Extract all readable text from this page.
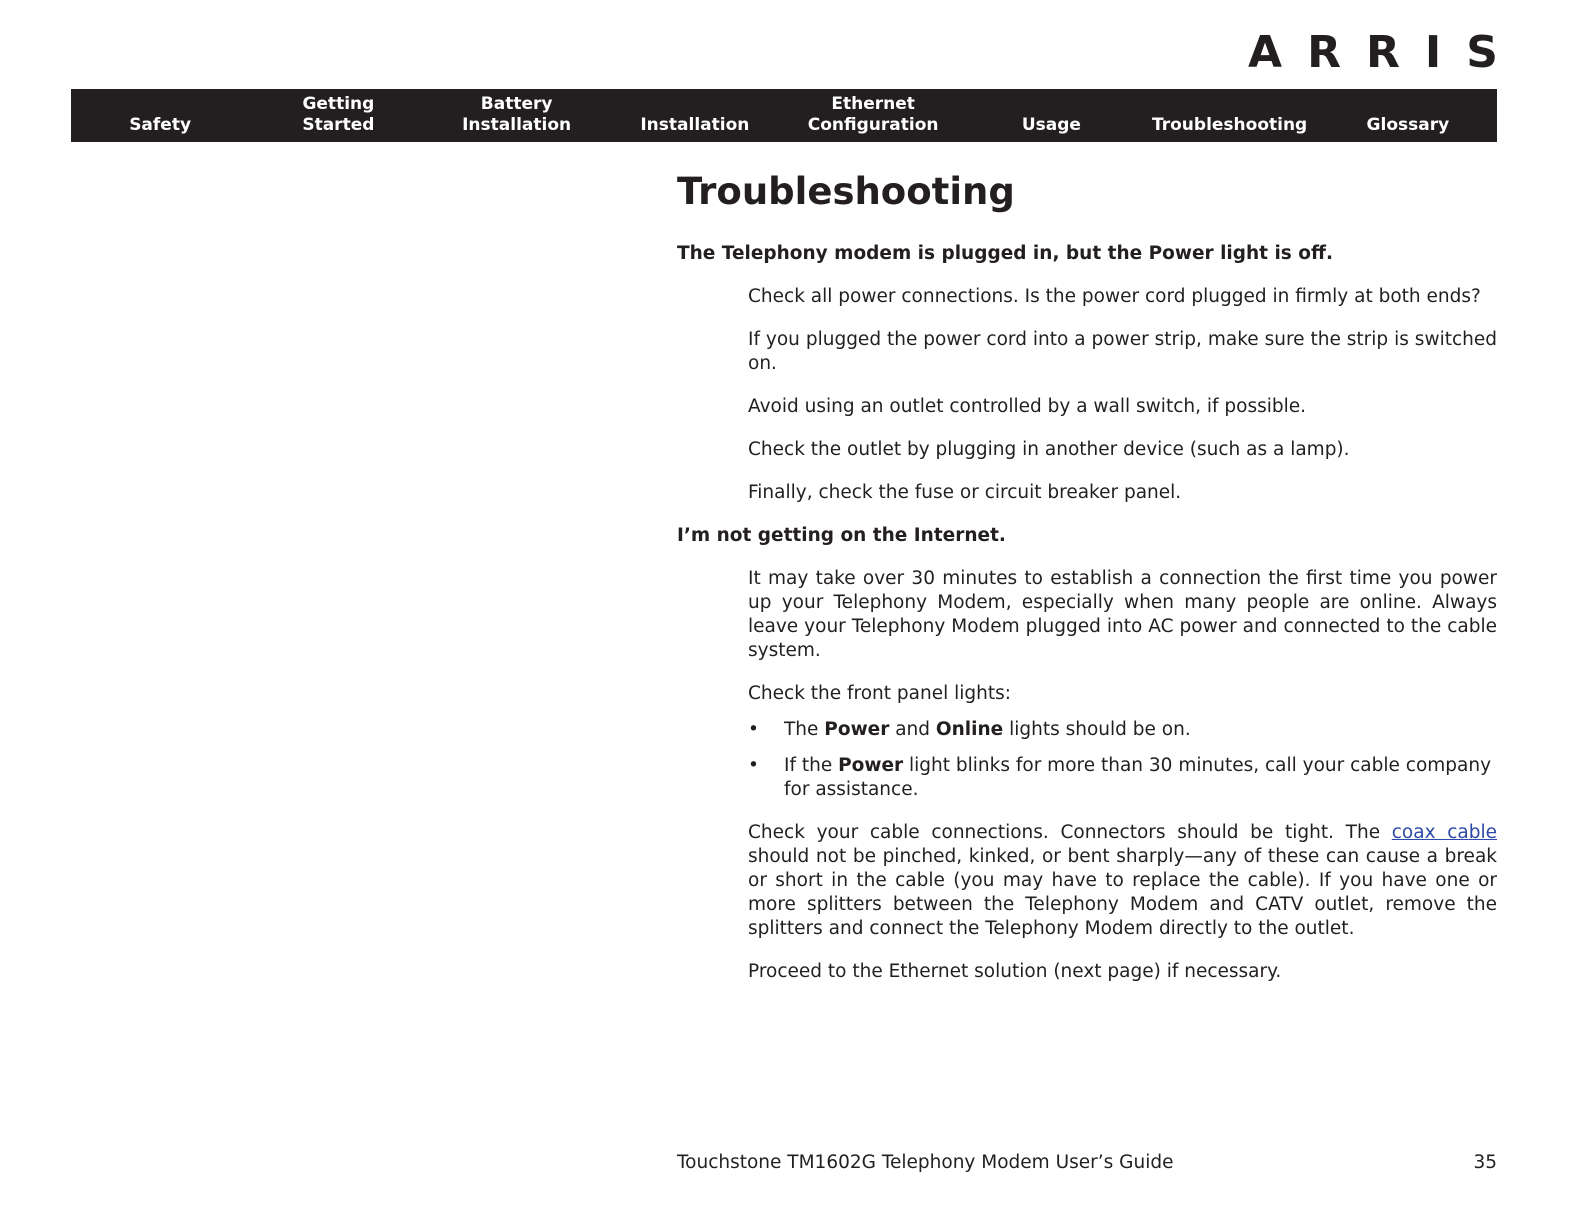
ARRIS
Safety
Getting
Started
Battery
Installation	Installation
Ethernet
Configuration	Usage	Troubleshooting	Glossary
Troubleshooting
The Telephony modem is plugged in, but the Power light is off.

Check all power connections. Is the power cord plugged in firmly at both ends?

If you plugged the power cord into a power strip, make sure the strip is switched on.

Avoid using an outlet controlled by a wall switch, if possible.

Check the outlet by plugging in another device (such as a lamp).

Finally, check the fuse or circuit breaker panel.

I’m not getting on the Internet.

It may take over 30 minutes to establish a connection the first time you power up your Telephony Modem, especially when many people are online. Always leave your Telephony Modem plugged into AC power and connected to the cable system.

Check the front panel lights:

• The Power and Online lights should be on.
• If the Power light blinks for more than 30 minutes, call your cable company for assistance.

Check your cable connections. Connectors should be tight. The coax cable should not be pinched, kinked, or bent sharply—any of these can cause a break or short in the cable (you may have to replace the cable). If you have one or more splitters between the Telephony Modem and CATV outlet, remove the splitters and connect the Telephony Modem directly to the outlet.

Proceed to the Ethernet solution (next page) if necessary.

Touchstone TM1602G Telephony Modem User’s Guide	35
